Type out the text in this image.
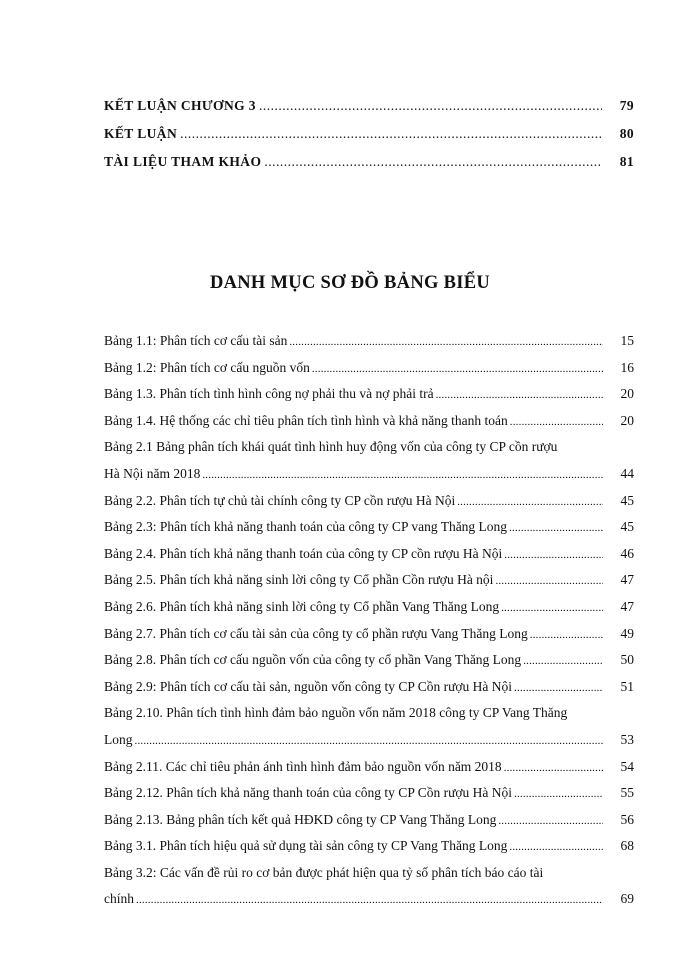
KẾT LUẬN CHƯƠNG 3 .....	79
KẾT LUẬN .....	80
TÀI LIỆU THAM KHẢO .....	81
DANH MỤC SƠ ĐỒ BẢNG BIỂU
Bảng 1.1: Phân tích cơ cấu tài sản .....	15
Bảng 1.2: Phân tích cơ cấu nguồn vốn .....	16
Bảng 1.3. Phân tích tình hình công nợ phải thu và nợ phải trả .....	20
Bảng 1.4. Hệ thống các chỉ tiêu phân tích tình hình và khả năng thanh toán .....	20
Bảng 2.1 Bảng phân tích khái quát tình hình huy động vốn của công ty CP cồn rượu
Hà Nội năm 2018 .....	44
Bảng 2.2. Phân tích tự chủ tài chính công ty CP cồn rượu Hà Nội .....	45
Bảng 2.3: Phân tích khả năng thanh toán của công ty CP vang Thăng Long .....	45
Bảng 2.4. Phân tích khả năng thanh toán của công ty CP cồn rượu Hà Nội .....	46
Bảng 2.5. Phân tích khả năng sinh lời công ty Cổ phần Cồn rượu Hà nội .....	47
Bảng 2.6. Phân tích khả năng sinh lời công ty Cổ phần Vang Thăng Long .....	47
Bảng 2.7. Phân tích cơ cấu tài sản của công ty cổ phần rượu Vang Thăng Long .....	49
Bảng 2.8. Phân tích cơ cấu nguồn vốn của công ty cổ phần Vang Thăng Long .....	50
Bảng 2.9: Phân tích cơ cấu tài sản, nguồn vốn công ty CP Cồn rượu Hà Nội .....	51
Bảng 2.10. Phân tích tình hình đảm bảo nguồn vốn năm 2018 công ty CP Vang Thăng
Long .....	53
Bảng 2.11. Các chỉ tiêu phản ánh tình hình đảm bảo nguồn vốn năm 2018 .....	54
Bảng 2.12. Phân tích khả năng thanh toán của công ty CP Cồn rượu Hà Nội .....	55
Bảng 2.13. Bảng phân tích kết quả HĐKD công ty CP Vang Thăng Long .....	56
Bảng 3.1. Phân tích hiệu quả sử dụng tài sản công ty CP Vang Thăng Long .....	68
Bảng 3.2: Các vấn đề rủi ro cơ bản được phát hiện qua tỷ số phân tích báo cáo tài
chính .....	69
